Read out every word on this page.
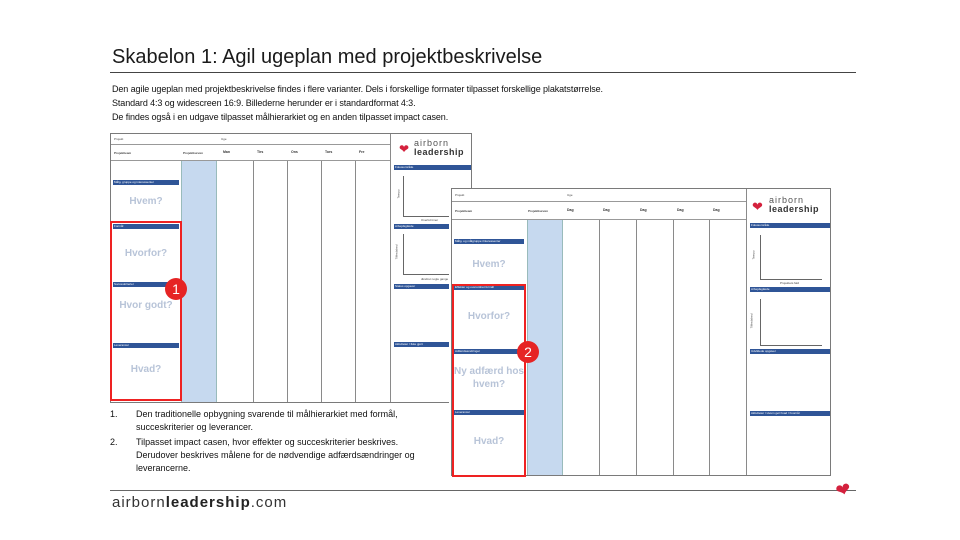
Skabelon 1: Agil ugeplan med projektbeskrivelse
Den agile ugeplan med projektbeskrivelse findes i flere varianter. Dels i forskellige formater tilpasset forskellige plakatstørrelse.
Standard 4:3 og widescreen 16:9. Billederne herunder er i standardformat 4:3.
De findes også i en udgave tilpasset målhierarkiet og en anden tilpasset impact casen.
Projekt	Uge
Projektteam	Projektkurven	Man	Tirs	Ons	Tors	Fre
Målg. gruppe og interessenter
Hvem?
Formål
Hvorfor?
Succeskriterier
Hvor godt?
Leverancer
Hvad?
❤ airborn
leadership
Fokusområde
Tempo
Overtid timer
Arbejdsglæde
Tilfredshed
Ændret nogle gange
Status opgaver
Aktiviteter / Ikke gjort
Projekt	Uge
Projektteam	Projektkurven	Dag	Dag	Dag	Dag	Dag
Målg. og målgruppe /interessenter
Hvem?
Effekter og overordnet formål
Hvorfor?
Adfærdsændringer
Ny adfærd hos hvem?
Leverancer
Hvad?
❤ airborn
leadership
Fokusområde
Tempo
Projektets fald
Arbejdsglæde
Tilfredshed
Udviklede opgaver
Aktiviteter / Hvem gør hvad / hvornår
1
2
1. Den traditionelle opbygning svarende til målhierarkiet med formål, succeskriterier og leverancer.
2. Tilpasset impact casen, hvor effekter og succeskriterier beskrives. Derudover beskrives målene for de nødvendige adfærdsændringer og leverancerne.
airbornleadership.com
❤
